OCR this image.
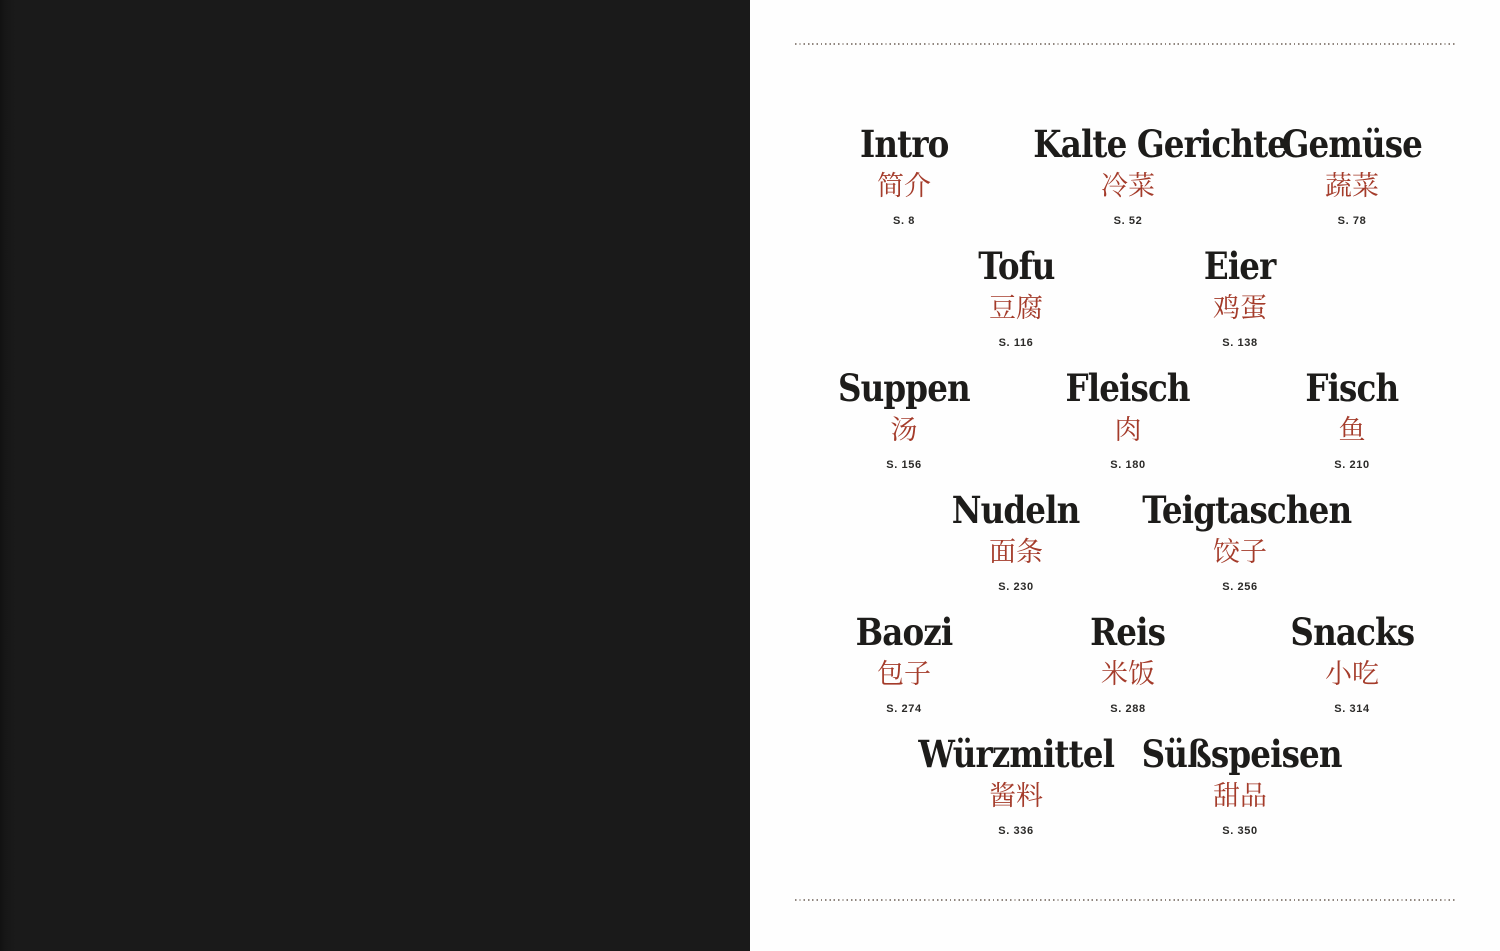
Intro
简介
S. 8
Kalte Gerichte
冷菜
S. 52
Gemüse
蔬菜
S. 78
Tofu
豆腐
S. 116
Eier
鸡蛋
S. 138
Suppen
汤
S. 156
Fleisch
肉
S. 180
Fisch
鱼
S. 210
Nudeln
面条
S. 230
Teigtaschen
饺子
S. 256
Baozi
包子
S. 274
Reis
米饭
S. 288
Snacks
小吃
S. 314
Würzmittel
酱料
S. 336
Süßspeisen
甜品
S. 350
